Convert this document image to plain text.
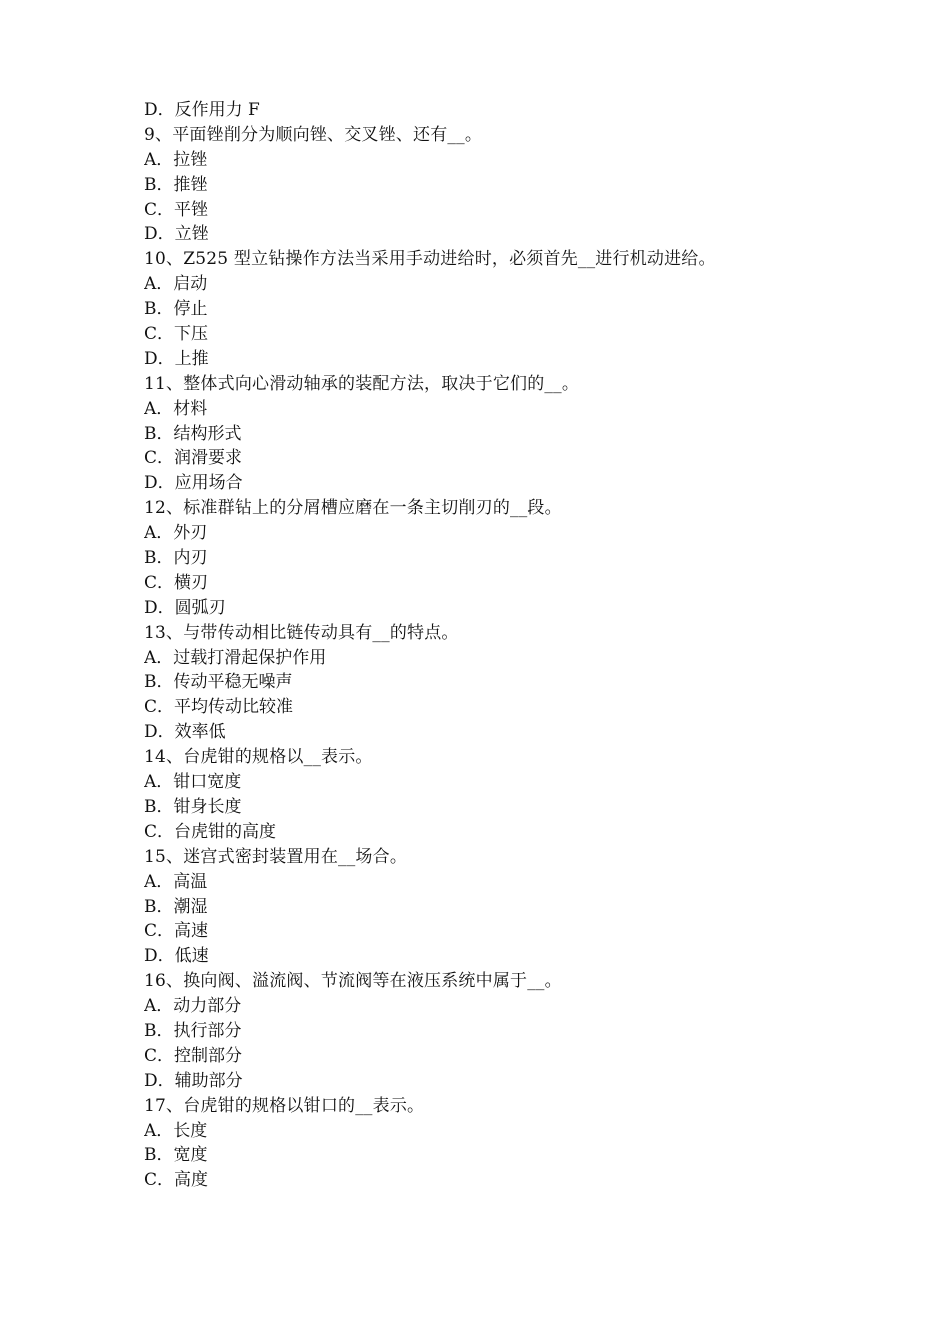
D．反作用力 F
9、平面锉削分为顺向锉、交叉锉、还有__。
A．拉锉
B．推锉
C．平锉
D．立锉
10、Z525 型立钻操作方法当采用手动进给时，必须首先__进行机动进给。
A．启动
B．停止
C．下压
D．上推
11、整体式向心滑动轴承的装配方法，取决于它们的__。
A．材料
B．结构形式
C．润滑要求
D．应用场合
12、标准群钻上的分屑槽应磨在一条主切削刃的__段。
A．外刃
B．内刃
C．横刃
D．圆弧刃
13、与带传动相比链传动具有__的特点。
A．过载打滑起保护作用
B．传动平稳无噪声
C．平均传动比较准
D．效率低
14、台虎钳的规格以__表示。
A．钳口宽度
B．钳身长度
C．台虎钳的高度
15、迷宫式密封装置用在__场合。
A．高温
B．潮湿
C．高速
D．低速
16、换向阀、溢流阀、节流阀等在液压系统中属于__。
A．动力部分
B．执行部分
C．控制部分
D．辅助部分
17、台虎钳的规格以钳口的__表示。
A．长度
B．宽度
C．高度
